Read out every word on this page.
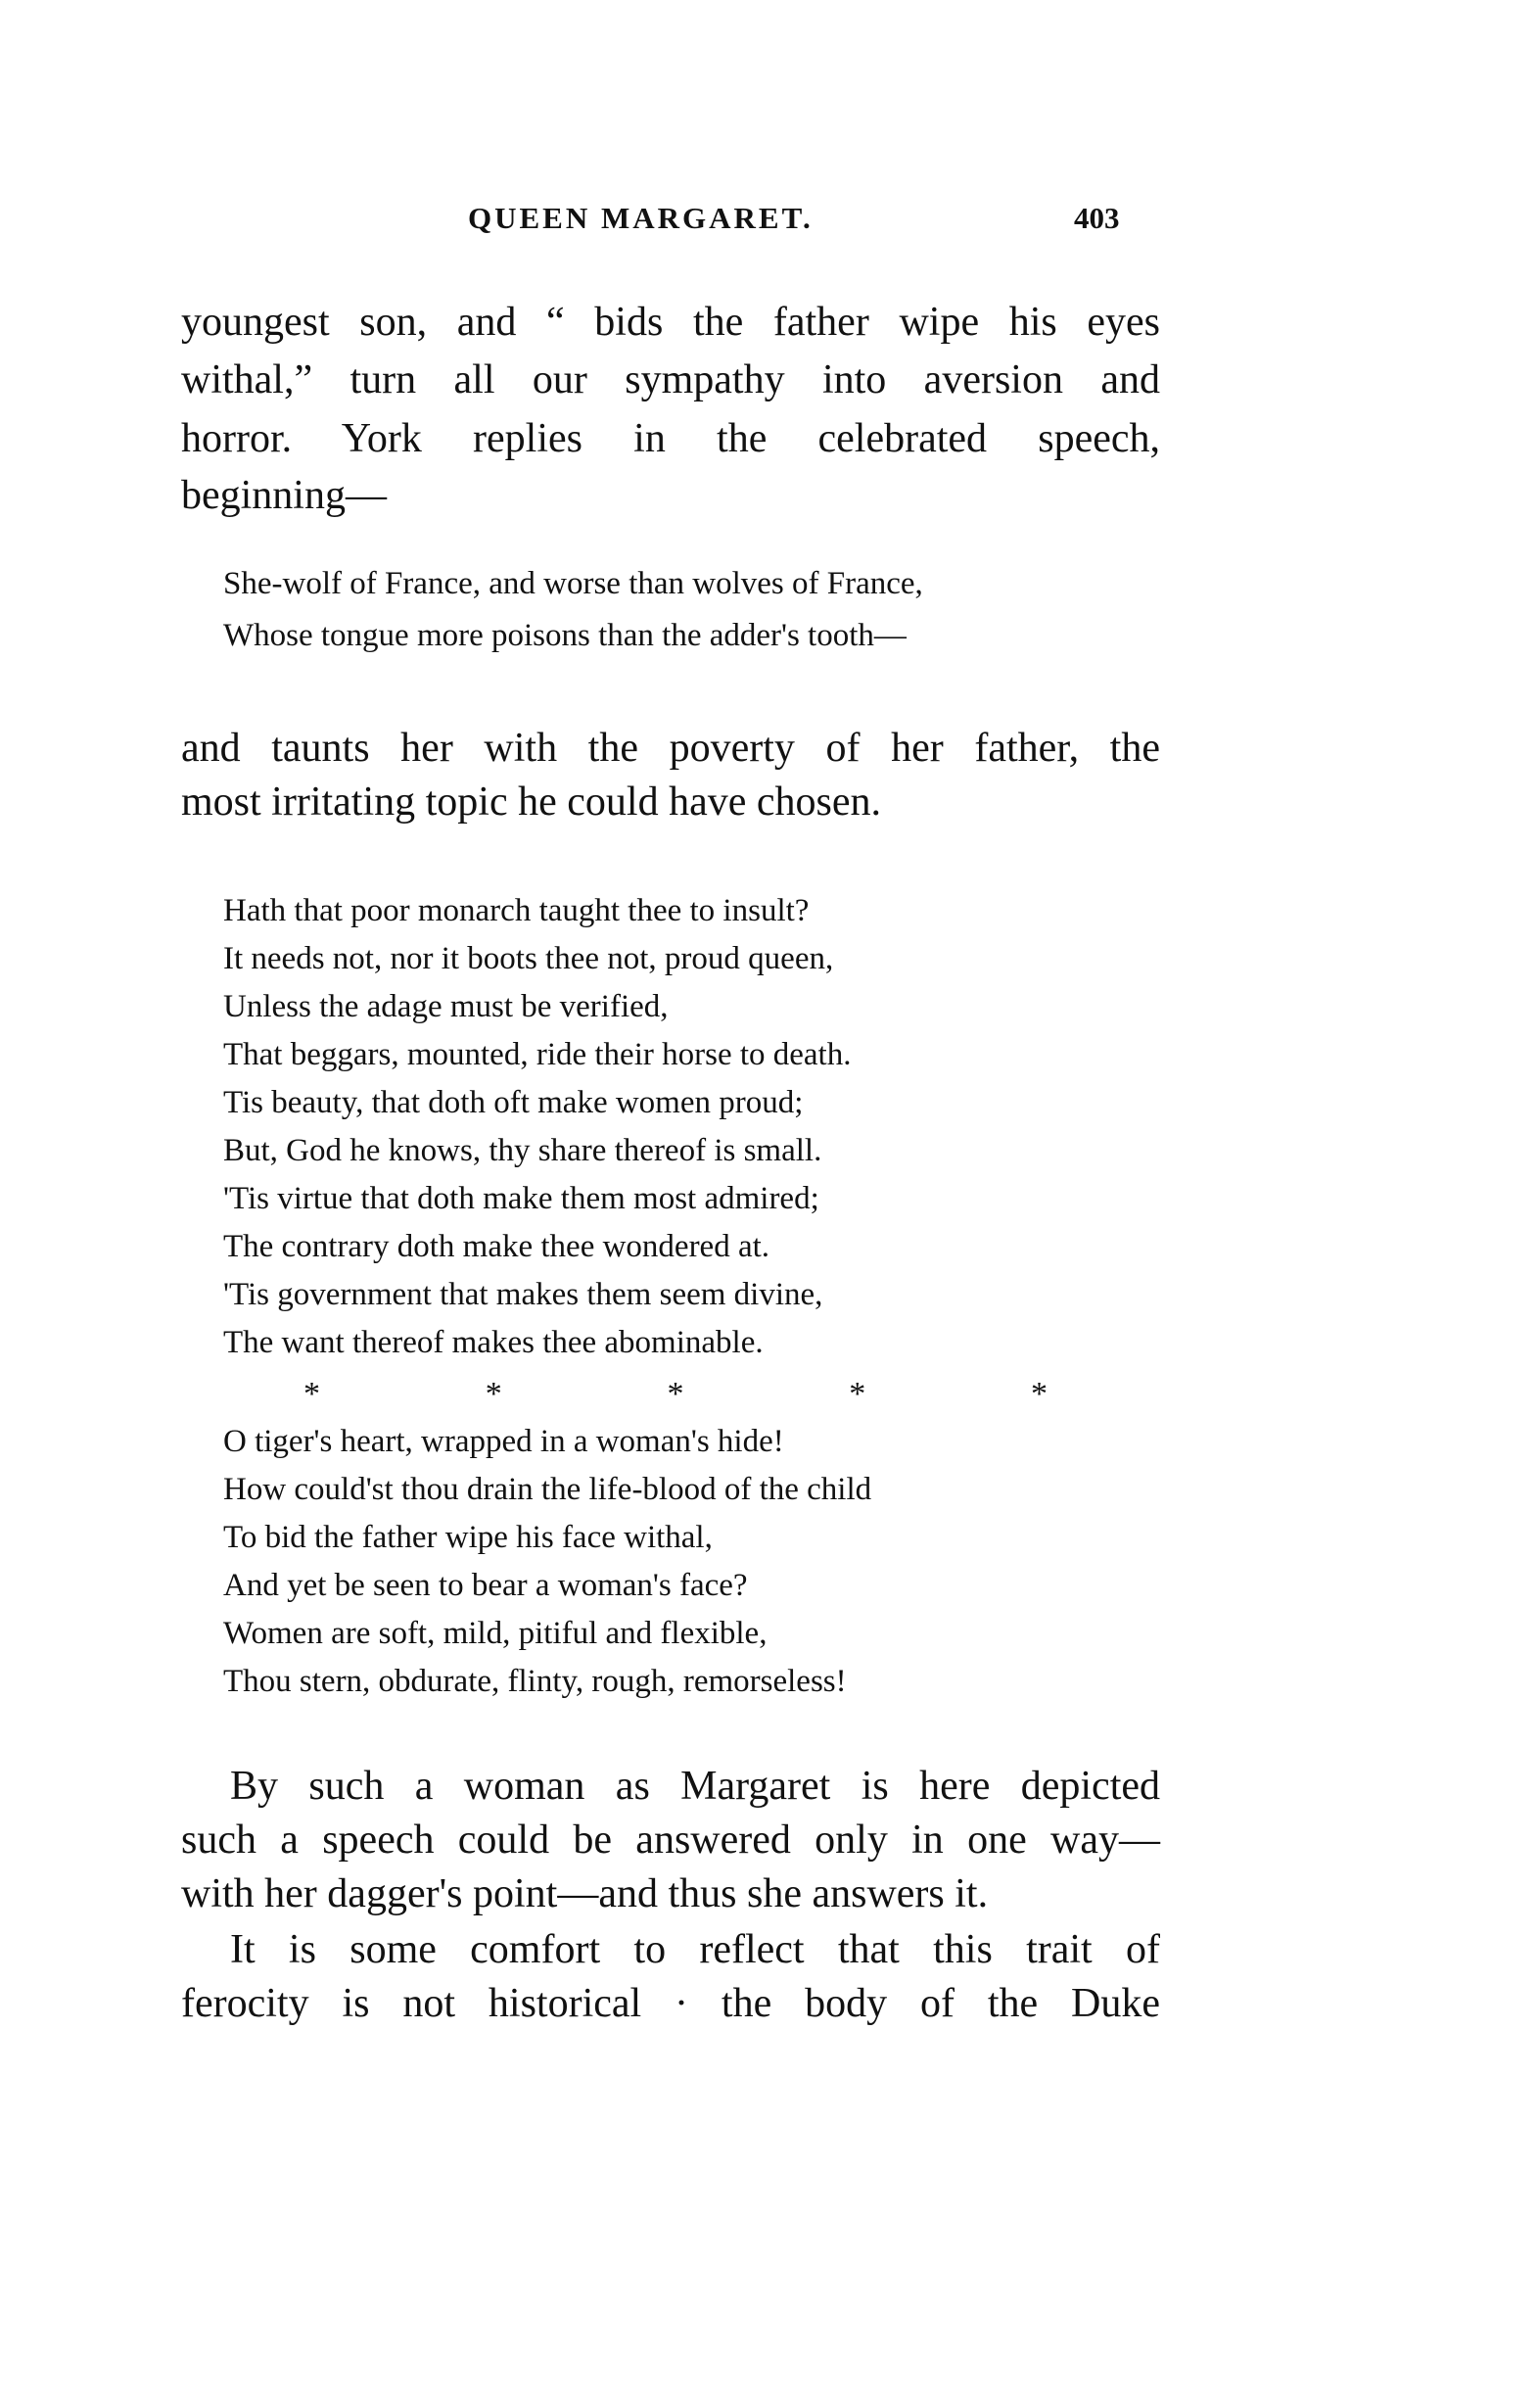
QUEEN MARGARET.	403
youngest son, and “ bids the father wipe his eyes
withal,” turn all our sympathy into aversion and
horror. York replies in the celebrated speech,
beginning—
She-wolf of France, and worse than wolves of France,
Whose tongue more poisons than the adder's tooth—
and taunts her with the poverty of her father, the
most irritating topic he could have chosen.
Hath that poor monarch taught thee to insult?
It needs not, nor it boots thee not, proud queen,
Unless the adage must be verified,
That beggars, mounted, ride their horse to death.
Tis beauty, that doth oft make women proud;
But, God he knows, thy share thereof is small.
'Tis virtue that doth make them most admired;
The contrary doth make thee wondered at.
'Tis government that makes them seem divine,
The want thereof makes thee abominable.
*	*	*	*	*
O tiger's heart, wrapped in a woman's hide!
How could'st thou drain the life-blood of the child
To bid the father wipe his face withal,
And yet be seen to bear a woman's face?
Women are soft, mild, pitiful and flexible,
Thou stern, obdurate, flinty, rough, remorseless!
By such a woman as Margaret is here depicted
such a speech could be answered only in one way—
with her dagger's point—and thus she answers it.
It is some comfort to reflect that this trait of
ferocity is not historical · the body of the Duke
